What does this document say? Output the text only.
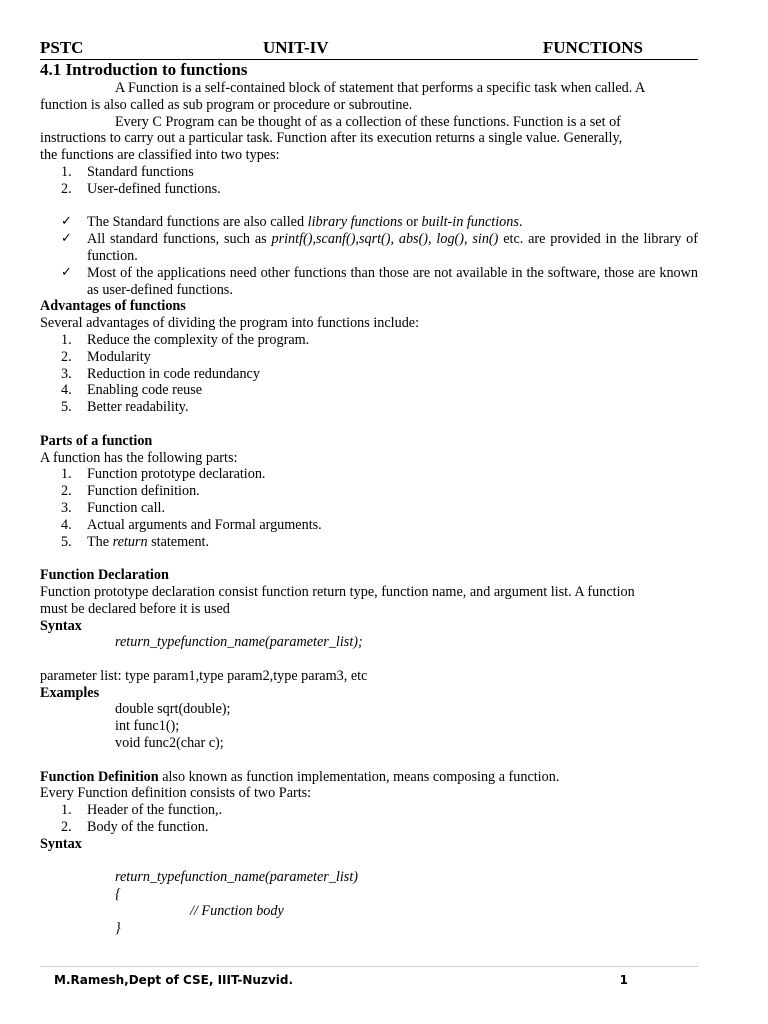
PSTC	UNIT-IV	FUNCTIONS
4.1 Introduction to functions
A Function is a self-contained block of statement that performs a specific task when called. A
function is also called as sub program or procedure or subroutine.
Every C Program can be thought of as a collection of these functions. Function is a set of
instructions to carry out a particular task. Function after its execution returns a single value. Generally,
the functions are classified into two types:
1. Standard functions
2. User-defined functions.
✓ The Standard functions are also called library functions or built-in functions.
✓ All standard functions, such as printf(),scanf(),sqrt(), abs(), log(), sin() etc. are provided in the library of function.
✓ Most of the applications need other functions than those are not available in the software, those are known as user-defined functions.
Advantages of functions
Several advantages of dividing the program into functions include:
1. Reduce the complexity of the program.
2. Modularity
3. Reduction in code redundancy
4. Enabling code reuse
5. Better readability.
Parts of a function
A function has the following parts:
1. Function prototype declaration.
2. Function definition.
3. Function call.
4. Actual arguments and Formal arguments.
5. The return statement.
Function Declaration
Function prototype declaration consist function return type, function name, and argument list. A function
must be declared before it is used
Syntax
return_typefunction_name(parameter_list);
parameter list: type param1,type param2,type param3, etc
Examples
double sqrt(double);
int func1();
void func2(char c);
Function Definition also known as function implementation, means composing a function.
Every Function definition consists of two Parts:
1. Header of the function,.
2. Body of the function.
Syntax
return_typefunction_name(parameter_list)
{
// Function body
}
M.Ramesh,Dept of CSE, IIIT-Nuzvid.	1
